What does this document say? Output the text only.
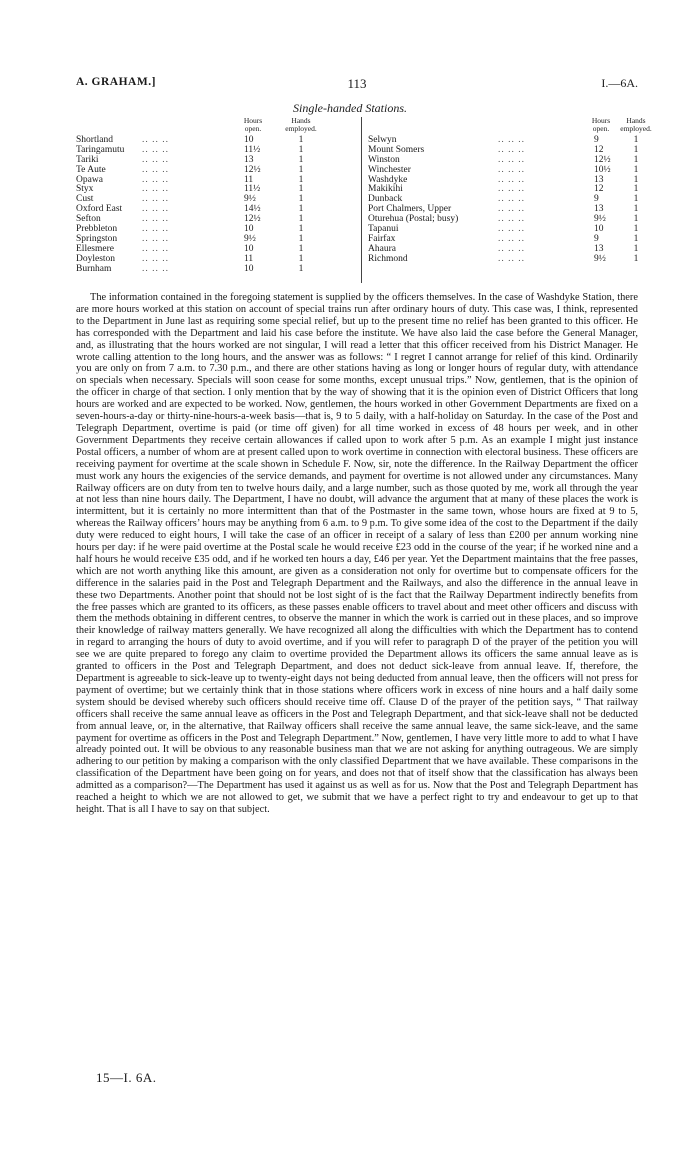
A. GRAHAM.]	113	I.—6A.
Single-handed Stations.
Hours open.
Hands employed.
Shortland	.. .. ..	10	1
Taringamutu .. .. ..	11½	1
Tariki	.. .. ..	13	1
Te Aute	.. .. ..	12½	1
Opawa	.. .. ..	11	1
Styx	.. .. ..	11½	1
Cust	.. .. ..	9½	1
Oxford East .. .. ..	14½	1
Sefton	.. .. ..	12½	1
Prebbleton	.. .. ..	10	1
Springston	.. .. ..	9½	1
Ellesmere	.. .. ..	10	1
Doyleston	.. .. ..	11	1
Burnham	.. .. ..	10	1
Hours open.
Hands employed.
Selwyn	.. .. ..	9	1
Mount Somers	.. .. ..	12	1
Winston	.. .. ..	12½	1
Winchester	.. .. ..	10½	1
Washdyke	.. .. ..	13	1
Makikihi	.. .. ..	12	1
Dunback	.. .. ..	9	1
Port Chalmers, Upper	.. .. ..	13	1
Oturehua (Postal; busy)	.. .. ..	9½	1
Tapanui	.. .. ..	10	1
Fairfax	.. .. ..	9	1
Ahaura	.. .. ..	13	1
Richmond	.. .. ..	9½	1

The information contained in the foregoing statement is supplied by the officers themselves. In the case of Washdyke Station, there are more hours worked at this station on account of special trains run after ordinary hours of duty. This case was, I think, represented to the Department in June last as requiring some special relief, but up to the present time no relief has been granted to this officer. He has corresponded with the Department and laid his case before the institute. We have also laid the case before the General Manager, and, as illustrating that the hours worked are not singular, I will read a letter that this officer received from his District Manager. He wrote calling attention to the long hours, and the answer was as follows: “ I regret I cannot arrange for relief of this kind. Ordinarily you are only on from 7 a.m. to 7.30 p.m., and there are other stations having as long or longer hours of regular duty, with attendance on specials when necessary. Specials will soon cease for some months, except unusual trips.” Now, gentlemen, that is the opinion of the officer in charge of that section. I only mention that by the way of showing that it is the opinion even of District Officers that long hours are worked and are expected to be worked. Now, gentlemen, the hours worked in other Government Departments are fixed on a seven-hours-a-day or thirty-nine-hours-a-week basis—that is, 9 to 5 daily, with a half-holiday on Saturday. In the case of the Post and Telegraph Department, overtime is paid (or time off given) for all time worked in excess of 48 hours per week, and in other Government Departments they receive certain allowances if called upon to work after 5 p.m. As an example I might just instance Postal officers, a number of whom are at present called upon to work overtime in connection with electoral business. These officers are receiving payment for overtime at the scale shown in Schedule F. Now, sir, note the difference. In the Railway Department the officer must work any hours the exigencies of the service demands, and payment for overtime is not allowed under any circumstances. Many Railway officers are on duty from ten to twelve hours daily, and a large number, such as those quoted by me, work all through the year at not less than nine hours daily. The Department, I have no doubt, will advance the argument that at many of these places the work is intermittent, but it is certainly no more intermittent than that of the Postmaster in the same town, whose hours are fixed at 9 to 5, whereas the Railway officers’ hours may be anything from 6 a.m. to 9 p.m. To give some idea of the cost to the Department if the daily duty were reduced to eight hours, I will take the case of an officer in receipt of a salary of less than £200 per annum working nine hours per day: if he were paid overtime at the Postal scale he would receive £23 odd in the course of the year; if he worked nine and a half hours he would receive £35 odd, and if he worked ten hours a day, £46 per year. Yet the Department maintains that the free passes, which are not worth anything like this amount, are given as a consideration not only for overtime but to compensate officers for the difference in the salaries paid in the Post and Telegraph Department and the Railways, and also the difference in the annual leave in these two Departments. Another point that should not be lost sight of is the fact that the Railway Department indirectly benefits from the free passes which are granted to its officers, as these passes enable officers to travel about and meet other officers and discuss with them the methods obtaining in different centres, to observe the manner in which the work is carried out in these places, and so improve their knowledge of railway matters generally. We have recognized all along the difficulties with which the Department has to contend in regard to arranging the hours of duty to avoid overtime, and if you will refer to paragraph D of the prayer of the petition you will see we are quite prepared to forego any claim to overtime provided the Department allows its officers the same annual leave as is granted to officers in the Post and Telegraph Department, and does not deduct sick-leave from annual leave. If, therefore, the Department is agreeable to sick-leave up to twenty-eight days not being deducted from annual leave, then the officers will not press for payment of overtime; but we certainly think that in those stations where officers work in excess of nine hours and a half daily some system should be devised whereby such officers should receive time off. Clause D of the prayer of the petition says, “ That railway officers shall receive the same annual leave as officers in the Post and Telegraph Department, and that sick-leave shall not be deducted from annual leave, or, in the alternative, that Railway officers shall receive the same annual leave, the same sick-leave, and the same payment for overtime as officers in the Post and Telegraph Department.” Now, gentlemen, I have very little more to add to what I have already pointed out. It will be obvious to any reasonable business man that we are not asking for anything outrageous. We are simply adhering to our petition by making a comparison with the only classified Department that we have available. These comparisons in the classification of the Department have been going on for years, and does not that of itself show that the classification has always been admitted as a comparison?—The Department has used it against us as well as for us. Now that the Post and Telegraph Department has reached a height to which we are not allowed to get, we submit that we have a perfect right to try and endeavour to get up to that height. That is all I have to say on that subject.

15—I. 6A.
